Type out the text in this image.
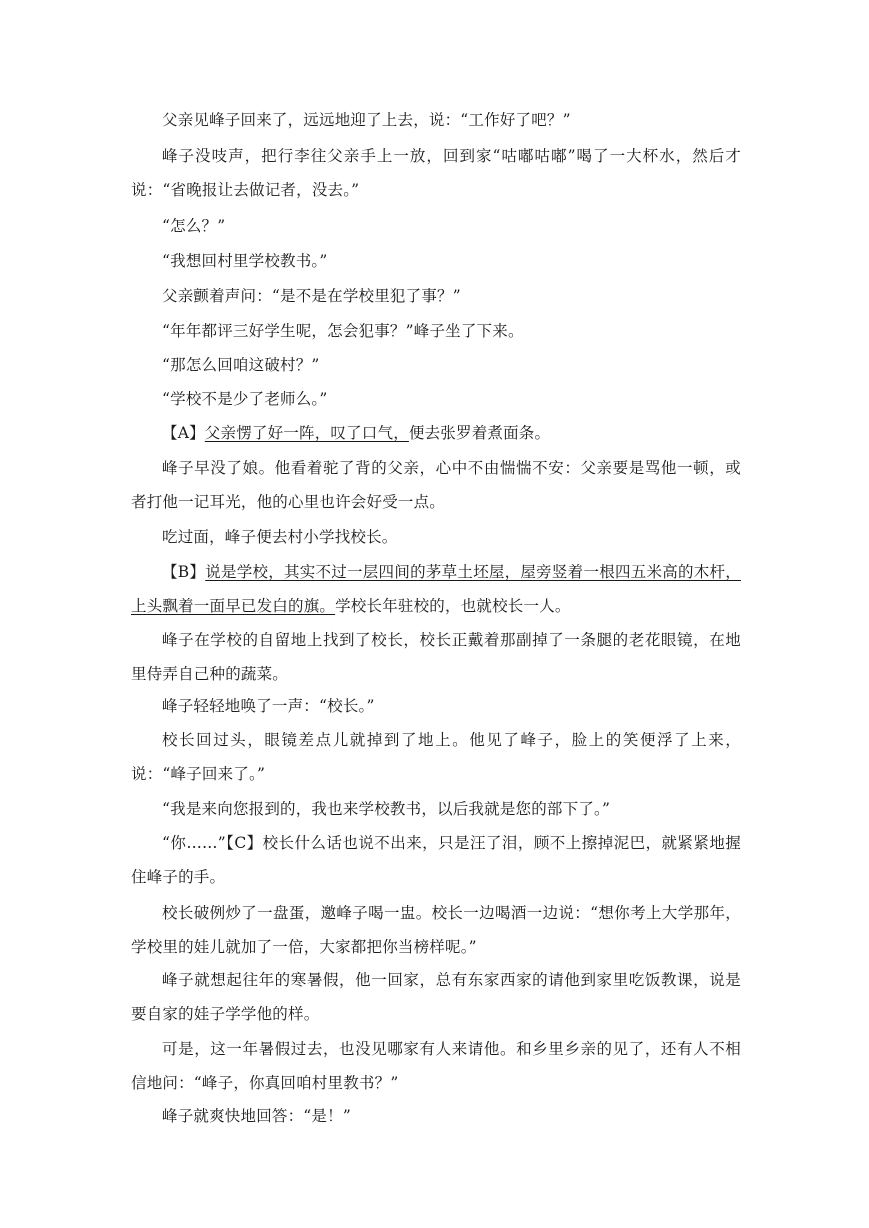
父亲见峰子回来了，远远地迎了上去，说：“工作好了吧？”

峰子没吱声，把行李往父亲手上一放，回到家“咕嘟咕嘟”喝了一大杯水，然后才说：“省晚报让去做记者，没去。”

“怎么？”

“我想回村里学校教书。”

父亲颤着声问：“是不是在学校里犯了事？”

“年年都评三好学生呢，怎会犯事？”峰子坐了下来。

“那怎么回咱这破村？”

“学校不是少了老师么。”

【A】父亲愣了好一阵，叹了口气，便去张罗着煮面条。

峰子早没了娘。他看着驼了背的父亲，心中不由惴惴不安：父亲要是骂他一顿，或者打他一记耳光，他的心里也许会好受一点。

吃过面，峰子便去村小学找校长。

【B】说是学校，其实不过一层四间的茅草土坯屋，屋旁竖着一根四五米高的木杆，上头飘着一面早已发白的旗。学校长年驻校的，也就校长一人。

峰子在学校的自留地上找到了校长，校长正戴着那副掉了一条腿的老花眼镜，在地里侍弄自己种的蔬菜。

峰子轻轻地唤了一声：“校长。”

校长回过头，眼镜差点儿就掉到了地上。他见了峰子，脸上的笑便浮了上来，说：“峰子回来了。”

“我是来向您报到的，我也来学校教书，以后我就是您的部下了。”

“你……”【C】校长什么话也说不出来，只是汪了泪，顾不上擦掉泥巴，就紧紧地握住峰子的手。

校长破例炒了一盘蛋，邀峰子喝一盅。校长一边喝酒一边说：“想你考上大学那年，学校里的娃儿就加了一倍，大家都把你当榜样呢。”

峰子就想起往年的寒暑假，他一回家，总有东家西家的请他到家里吃饭教课，说是要自家的娃子学学他的样。

可是，这一年暑假过去，也没见哪家有人来请他。和乡里乡亲的见了，还有人不相信地问：“峰子，你真回咱村里教书？”

峰子就爽快地回答：“是！”
